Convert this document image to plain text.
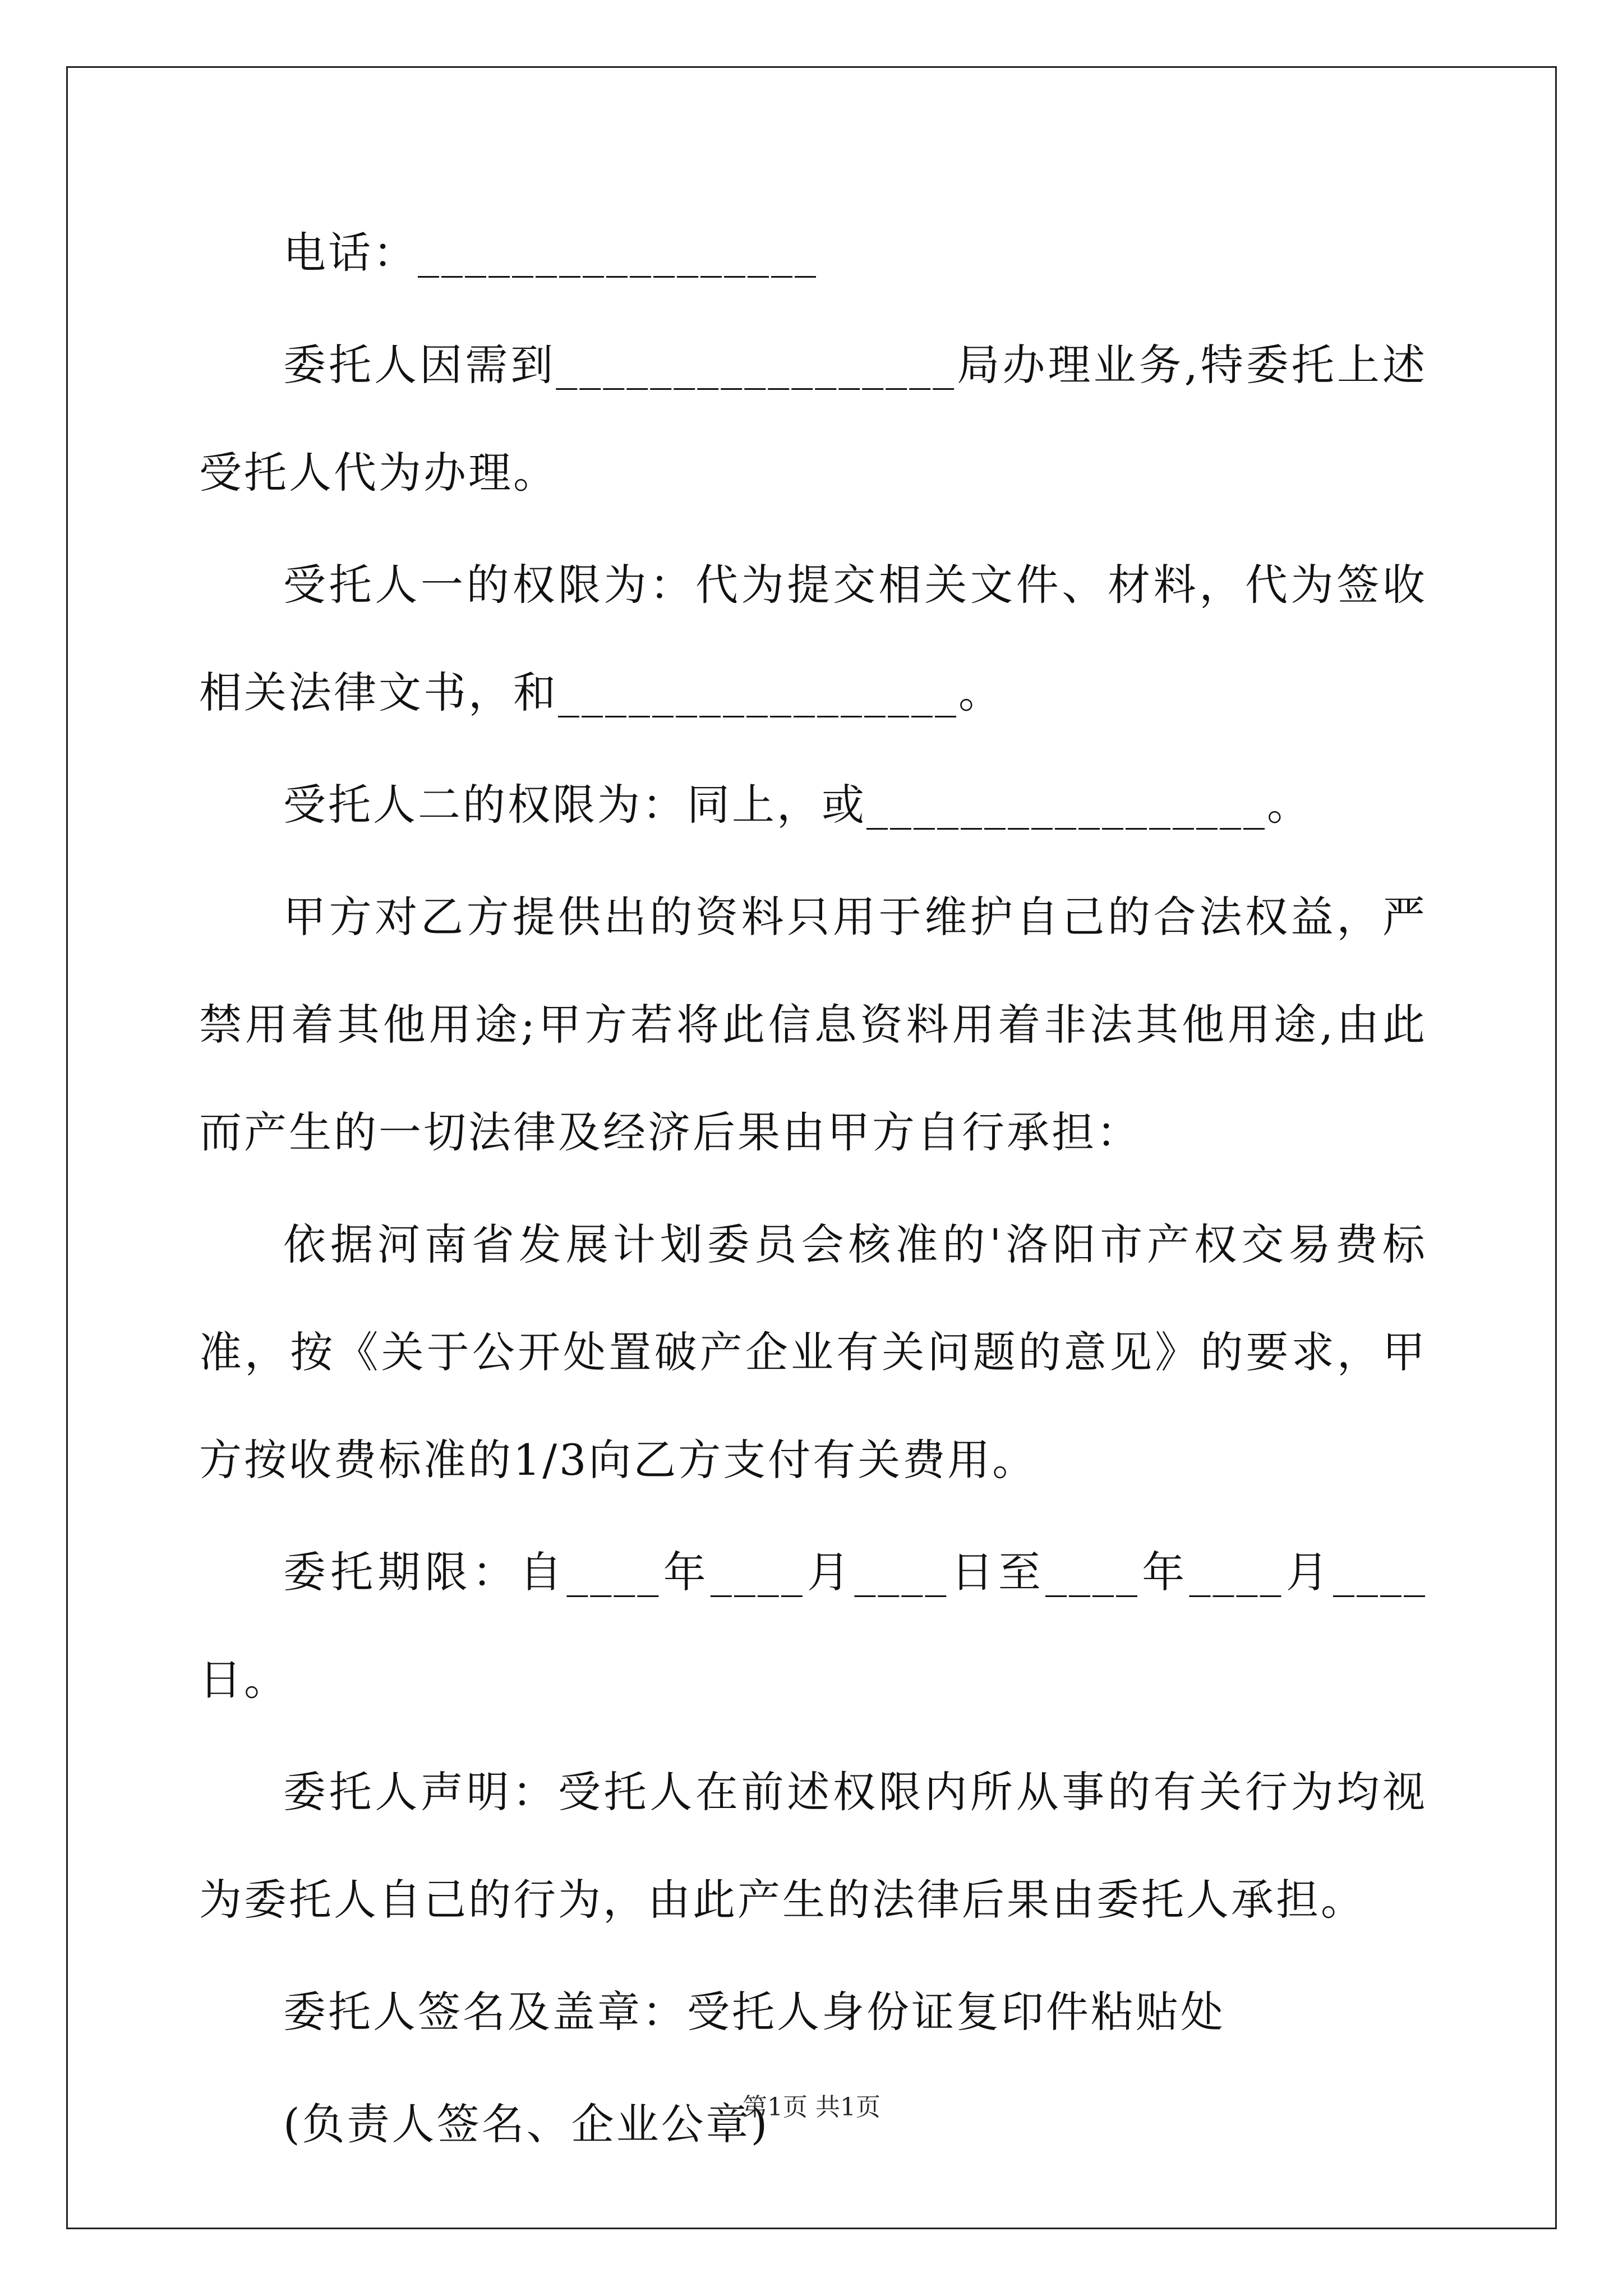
电话：_________________

委托人因需到_________________局办理业务,特委托上述受托人代为办理。

受托人一的权限为：代为提交相关文件、材料，代为签收相关法律文书，和_________________。

受托人二的权限为：同上，或_________________。

甲方对乙方提供出的资料只用于维护自己的合法权益，严禁用着其他用途;甲方若将此信息资料用着非法其他用途,由此而产生的一切法律及经济后果由甲方自行承担：

依据河南省发展计划委员会核准的'洛阳市产权交易费标准，按《关于公开处置破产企业有关问题的意见》的要求，甲方按收费标准的1/3向乙方支付有关费用。

委托期限：自____年____月____日至____年____月____日。

委托人声明：受托人在前述权限内所从事的有关行为均视为委托人自己的行为，由此产生的法律后果由委托人承担。

委托人签名及盖章：受托人身份证复印件粘贴处

(负责人签名、企业公章)

第1页 共1页
